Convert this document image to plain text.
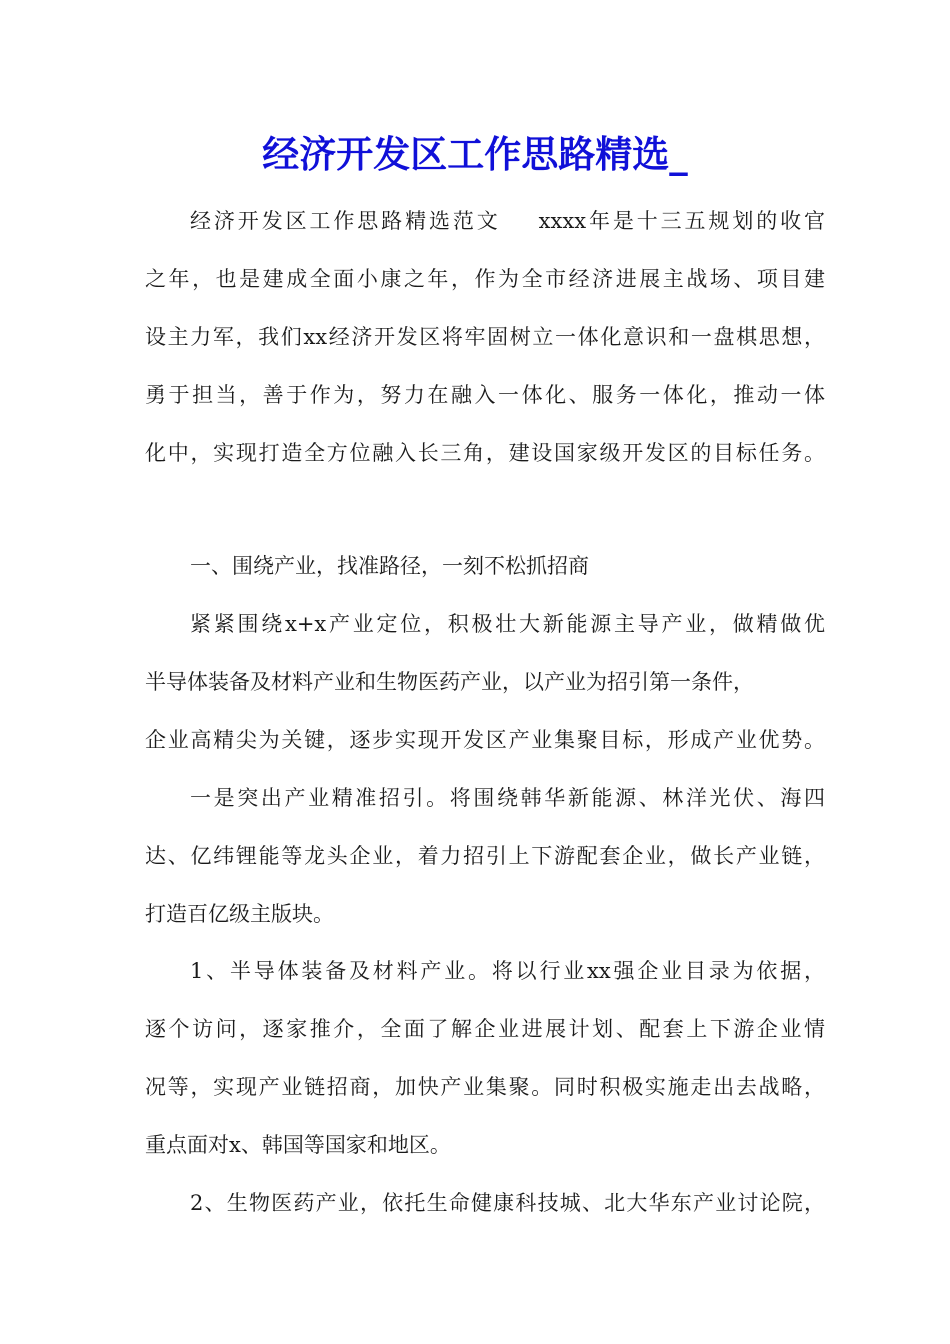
经济开发区工作思路精选_

经济开发区工作思路精选范文 xxxx年是十三五规划的收官

之年，也是建成全面小康之年，作为全市经济进展主战场、项目建

设主力军，我们xx经济开发区将牢固树立一体化意识和一盘棋思想，

勇于担当，善于作为，努力在融入一体化、服务一体化，推动一体

化中，实现打造全方位融入长三角，建设国家级开发区的目标任务。

一、围绕产业，找准路径，一刻不松抓招商

紧紧围绕x+x产业定位，积极壮大新能源主导产业，做精做优

半导体装备及材料产业和生物医药产业，以产业为招引第一条件，

企业高精尖为关键，逐步实现开发区产业集聚目标，形成产业优势。

一是突出产业精准招引。将围绕韩华新能源、林洋光伏、海四

达、亿纬锂能等龙头企业，着力招引上下游配套企业，做长产业链，

打造百亿级主版块。

1、半导体装备及材料产业。将以行业xx强企业目录为依据，

逐个访问，逐家推介，全面了解企业进展计划、配套上下游企业情

况等，实现产业链招商，加快产业集聚。同时积极实施走出去战略，

重点面对x、韩国等国家和地区。

2、生物医药产业，依托生命健康科技城、北大华东产业讨论院，
